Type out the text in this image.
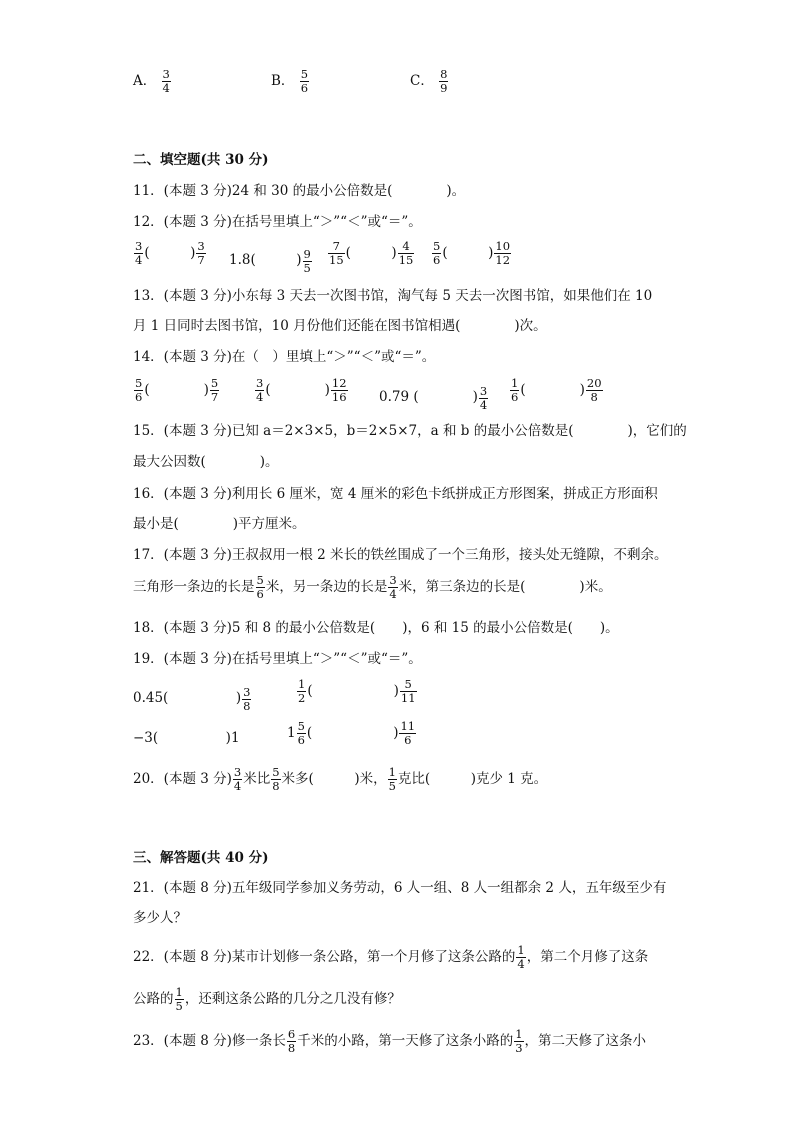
A． $\frac{3}{4}$	B． $\frac{5}{6}$	C． $\frac{8}{9}$
二、填空题(共 30 分)
11．(本题 3 分)24 和 30 的最小公倍数是(　　　　)。
12．(本题 3 分)在括号里填上“＞”“＜”或“＝”。
$\frac{3}{4}$ (　　　) $\frac{3}{7} 1.8$(　　　) $\frac{9}{5} \frac{7}{15}$ (　　　) $\frac{4}{15} \frac{5}{6}$ (　　　) $\frac{10}{12}$
13．(本题 3 分)小东每 3 天去一次图书馆，淘气每 5 天去一次图书馆，如果他们在 10
月 1 日同时去图书馆，10 月份他们还能在图书馆相遇(　　　　)次。
14．(本题 3 分)在（　）里填上“＞”“＜”或“＝”。
$\frac{5}{6}$ (　　　　) $\frac{5}{7}$	$\frac{3}{4}$ (　　　　) $\frac{12}{16} 0.79$ (　　　　) $\frac{3}{4} \frac{1}{6}$ (　　　　) $\frac{20}{8}$
15．(本题 3 分)已知 a＝2×3×5，b＝2×5×7，a 和 b 的最小公倍数是(　　　　)，它们的
最大公因数(　　　　)。
16．(本题 3 分)利用长 6 厘米，宽 4 厘米的彩色卡纸拼成正方形图案，拼成正方形面积
最小是(　　　　)平方厘米。
17．(本题 3 分)王叔叔用一根 2 米长的铁丝围成了一个三角形，接头处无缝隙，不剩余。
三角形一条边的长是 $\frac{5}{6}$ 米，另一条边的长是 $\frac{3}{4}$ 米，第三条边的长是(　　　　)米。
18．(本题 3 分)5 和 8 的最小公倍数是(　　)，6 和 15 的最小公倍数是(　　)。
19．(本题 3 分)在括号里填上“＞”“＜”或“＝”。
0.45(　　　　　) $\frac{3}{8}$	$\frac{1}{2}$ (　　　　　　) $\frac{5}{11}$
−3(　　　　　	)1	$1 \frac{5}{6}$ (　　　　　　) $\frac{11}{6}$
20．(本题 3 分) $\frac{3}{4}$ 米比 $\frac{5}{8}$ 米多(　　　)米， $\frac{1}{5}$ 克比(　　　)克少 1 克。
三、解答题(共 40 分)
21．(本题 8 分)五年级同学参加义务劳动，6 人一组、8 人一组都余 2 人，五年级至少有
多少人？
22．(本题 8 分)某市计划修一条公路，第一个月修了这条公路的 $\frac{1}{4}$ ，第二个月修了这条
公路的 $\frac{1}{5}$ ，还剩这条公路的几分之几没有修？
23．(本题 8 分)修一条长 $\frac{6}{8}$ 千米的小路，第一天修了这条小路的 $\frac{1}{3}$ ，第二天修了这条小
